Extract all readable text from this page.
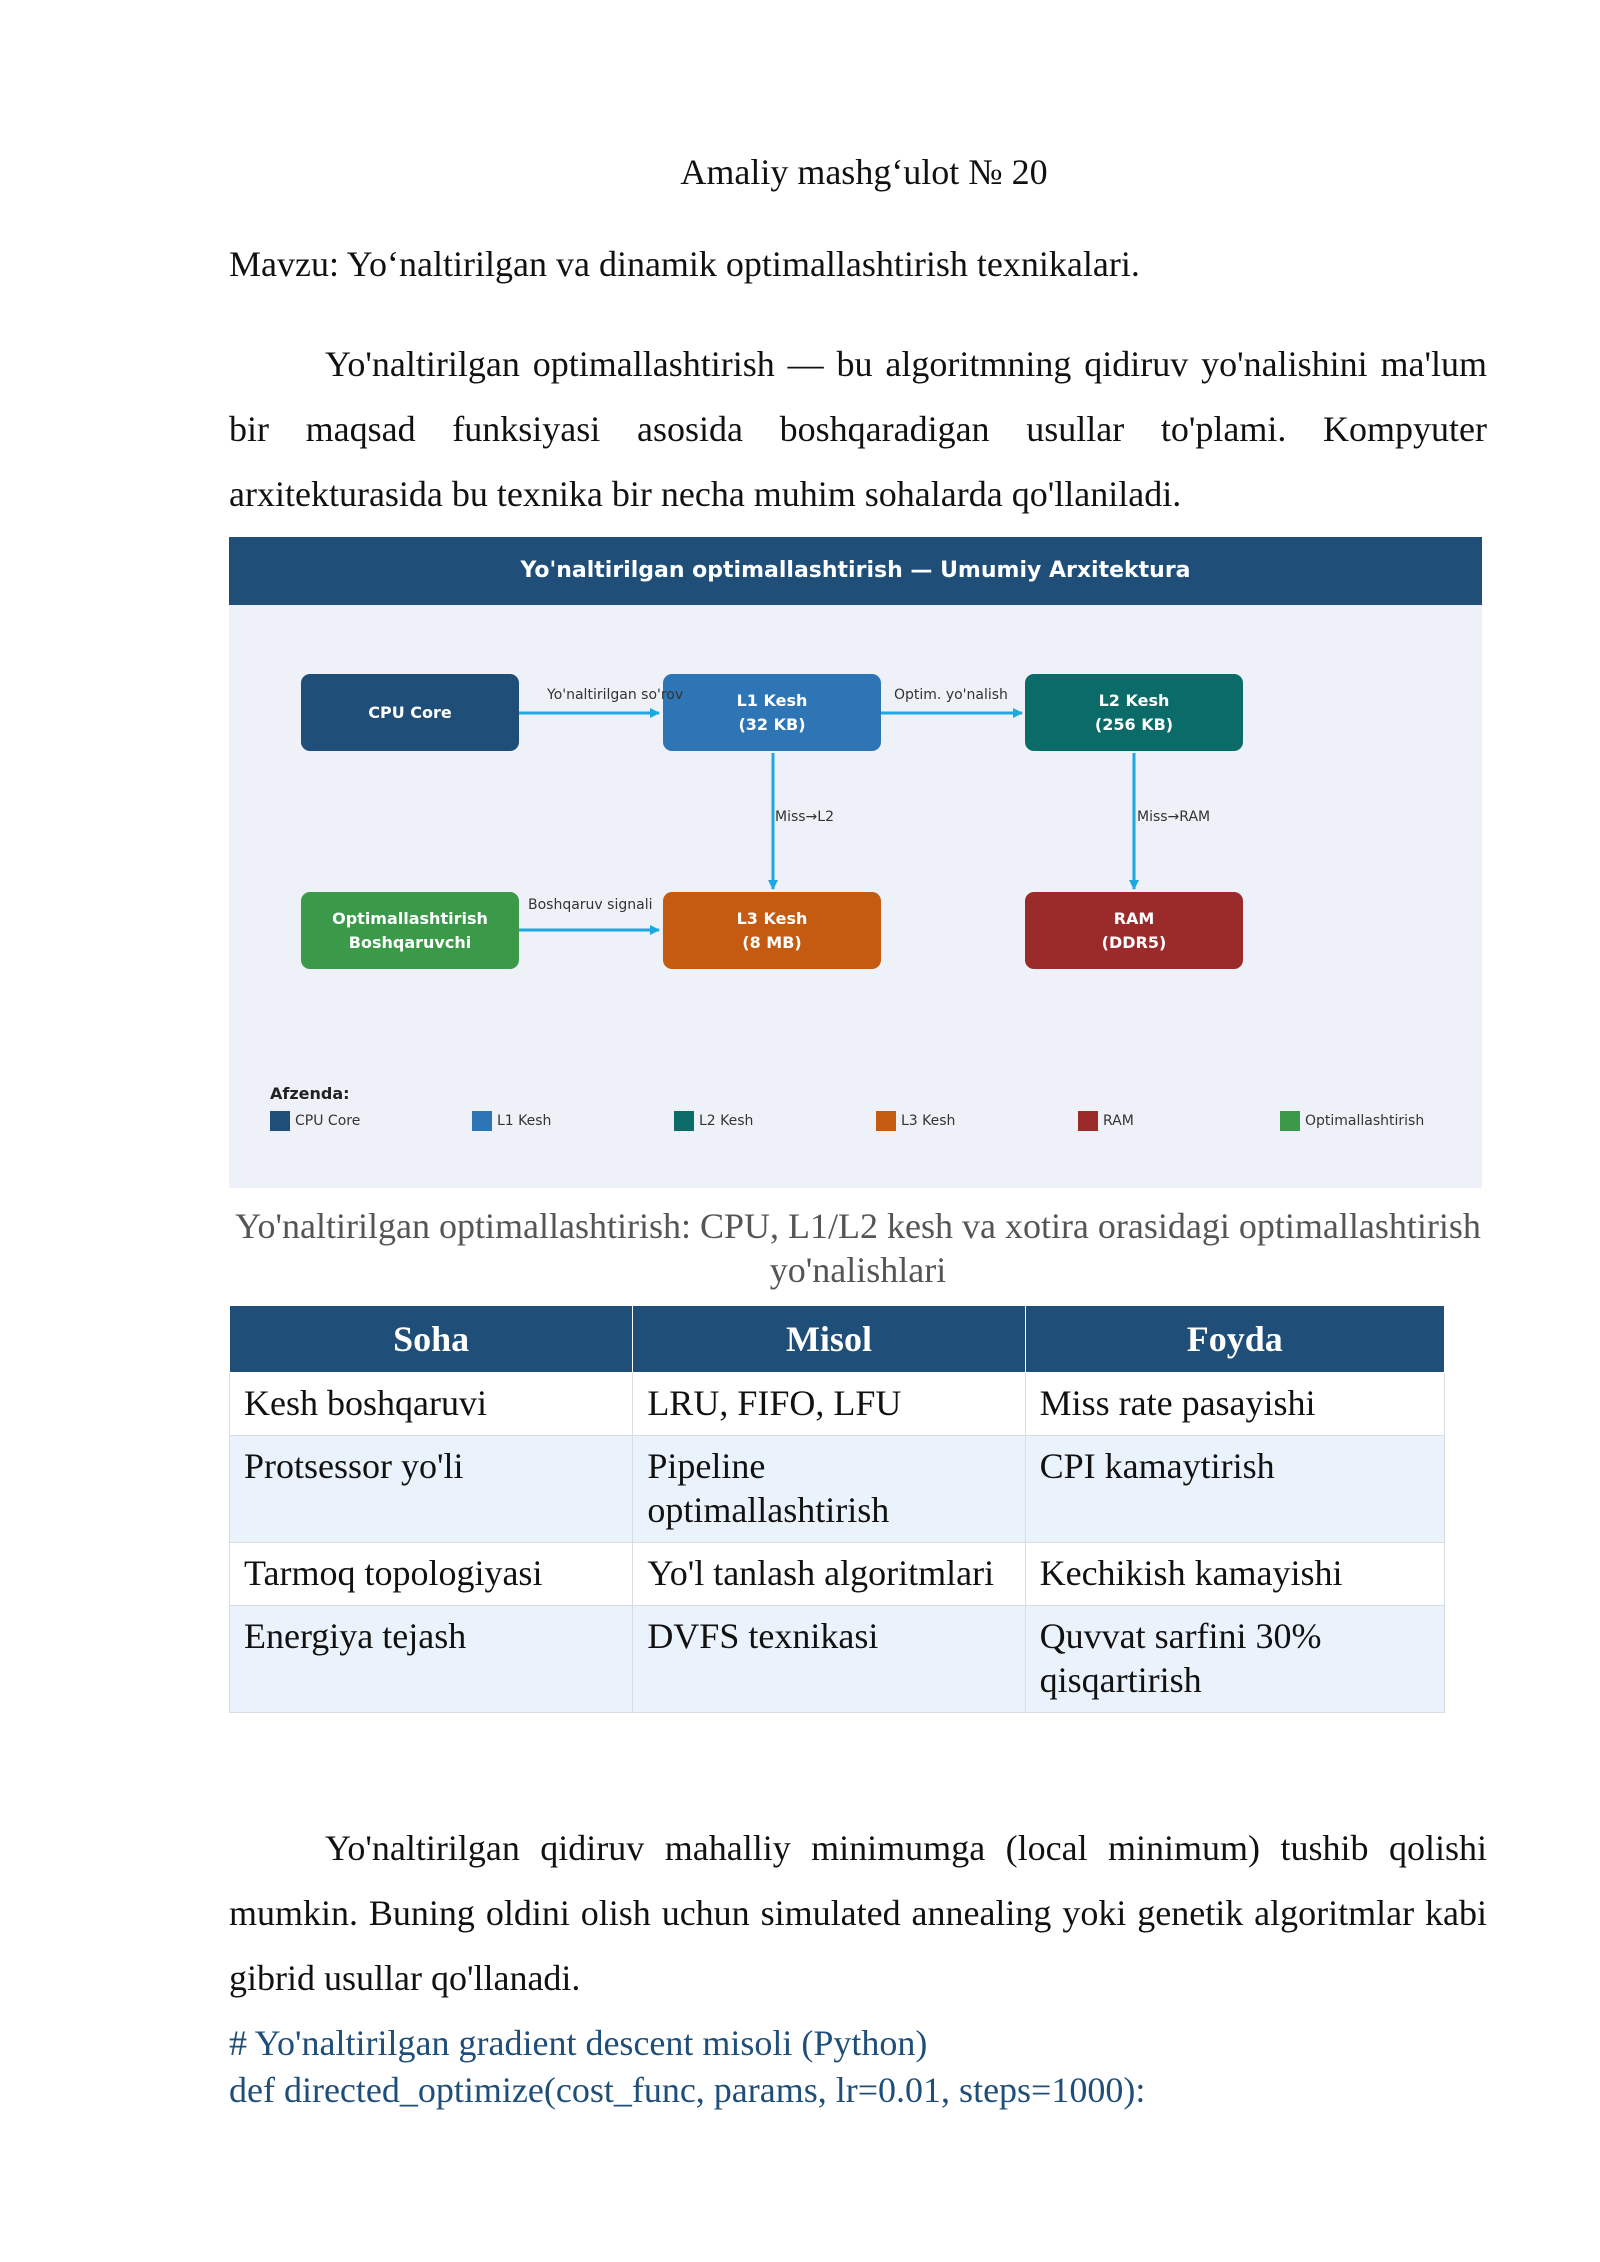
Amaliy mashg‘ulot № 20
Mavzu: Yo‘naltirilgan va dinamik optimallashtirish texnikalari.

Yo'naltirilgan optimallashtirish — bu algoritmning qidiruv yo'nalishini ma'lum bir maqsad funksiyasi asosida boshqaradigan usullar to'plami. Kompyuter arxitekturasida bu texnika bir necha muhim sohalarda qo'llaniladi.

Yo'naltirilgan optimallashtirish — Umumiy Arxitektura
CPU Core
L1 Kesh
(32 KB)
L2 Kesh
(256 KB)
Optimallashtirish
Boshqaruvchi
L3 Kesh
(8 MB)
RAM
(DDR5)
Yo'naltirilgan so'rov	Optim. yo'nalish
Miss→L2	Miss→RAM
Boshqaruv signali
Afzenda:
CPU Core	L1 Kesh	L2 Kesh	L3 Kesh	RAM	Optimallashtirish
Yo'naltirilgan optimallashtirish: CPU, L1/L2 kesh va xotira orasidagi optimallashtirish yo'nalishlari
Soha	Misol	Foyda
Kesh boshqaruvi	LRU, FIFO, LFU	Miss rate pasayishi
Protsessor yo'li	Pipeline optimallashtirish	CPI kamaytirish
Tarmoq topologiyasi	Yo'l tanlash algoritmlari	Kechikish kamayishi
Energiya tejash	DVFS texnikasi	Quvvat sarfini 30% qisqartirish

Yo'naltirilgan qidiruv mahalliy minimumga (local minimum) tushib qolishi mumkin. Buning oldini olish uchun simulated annealing yoki genetik algoritmlar kabi gibrid usullar qo'llanadi.

# Yo'naltirilgan gradient descent misoli (Python)
def directed_optimize(cost_func, params, lr=0.01, steps=1000):
